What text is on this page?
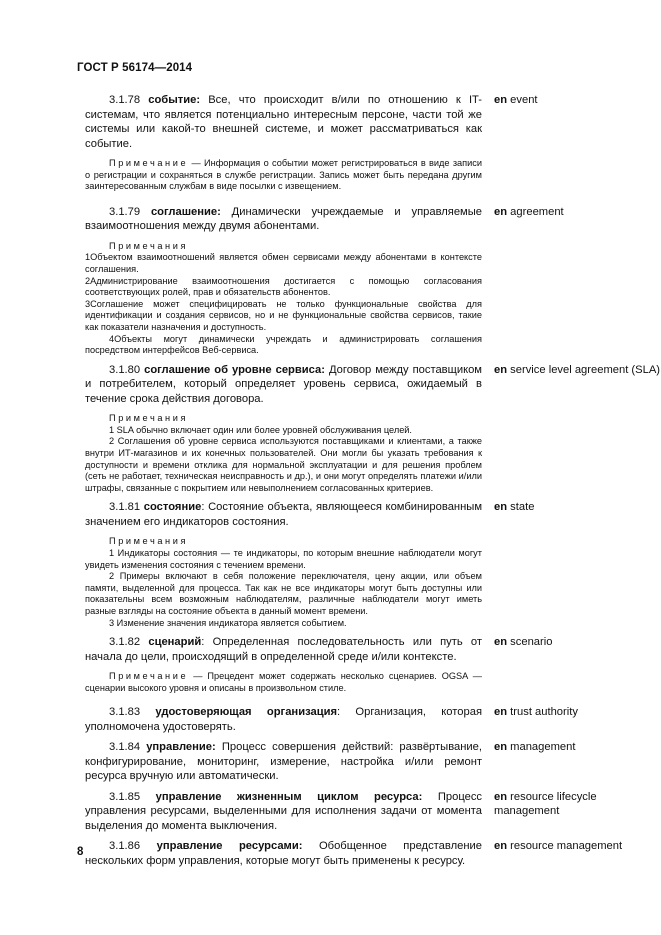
ГОСТ Р 56174—2014

3.1.78 событие: Все, что происходит в/или по отношению к IT-системам, что является потенциально интересным персоне, части той же системы или какой-то внешней системе, и может рассматриваться как событие.

Примечание — Информация о событии может регистрироваться в виде записи о регистрации и сохраняться в службе регистрации. Запись может быть передана другим заинтересованным службам в виде посылки с извещением.

en event

3.1.79 соглашение: Динамически учреждаемые и управляемые взаимоотношения между двумя абонентами.

Примечания

1Объектом взаимоотношений является обмен сервисами между абонентами в контексте соглашения.

2Администрирование взаимоотношения достигается с помощью согласования соответствующих ролей, прав и обязательств абонентов.

3Соглашение может специфицировать не только функциональные свойства для идентификации и создания сервисов, но и не функциональные свойства сервисов, такие как показатели назначения и доступность.

4Объекты могут динамически учреждать и администрировать соглашения посредством интерфейсов Веб-сервиса.

en agreement

3.1.80 соглашение об уровне сервиса: Договор между поставщиком и потребителем, который определяет уровень сервиса, ожидаемый в течение срока действия договора.

Примечания

1 SLA обычно включает один или более уровней обслуживания целей.

2 Соглашения об уровне сервиса используются поставщиками и клиентами, а также внутри ИТ-магазинов и их конечных пользователей. Они могли бы указать требования к доступности и времени отклика для нормальной эксплуатации и для решения проблем (сеть не работает, техническая неисправность и др.), и они могут определять платежи и/или штрафы, связанные с покрытием или невыполнением согласованных критериев.

en service level agreement (SLA)

3.1.81 состояние: Состояние объекта, являющееся комбинированным значением его индикаторов состояния.

Примечания

1 Индикаторы состояния — те индикаторы, по которым внешние наблюдатели могут увидеть изменения состояния с течением времени.

2 Примеры включают в себя положение переключателя, цену акции, или объем памяти, выделенной для процесса. Так как не все индикаторы могут быть доступны или показательны всем возможным наблюдателям, различные наблюдатели могут иметь разные взгляды на состояние объекта в данный момент времени.

3 Изменение значения индикатора является событием.

en state

3.1.82 сценарий: Определенная последовательность или путь от начала до цели, происходящий в определенной среде и/или контексте.

Примечание — Прецедент может содержать несколько сценариев. OGSA — сценарии высокого уровня и описаны в произвольном стиле.

en scenario

3.1.83 удостоверяющая организация: Организация, которая уполномочена удостоверять.

en trust authority

3.1.84 управление: Процесс совершения действий: развёртывание, конфигурирование, мониторинг, измерение, настройка и/или ремонт ресурса вручную или автоматически.

en management

3.1.85 управление жизненным циклом ресурса: Процесс управления ресурсами, выделенными для исполнения задачи от момента выделения до момента выключения.

en resource lifecycle management

3.1.86 управление ресурсами: Обобщенное представление нескольких форм управления, которые могут быть применены к ресурсу.

en resource management
8
